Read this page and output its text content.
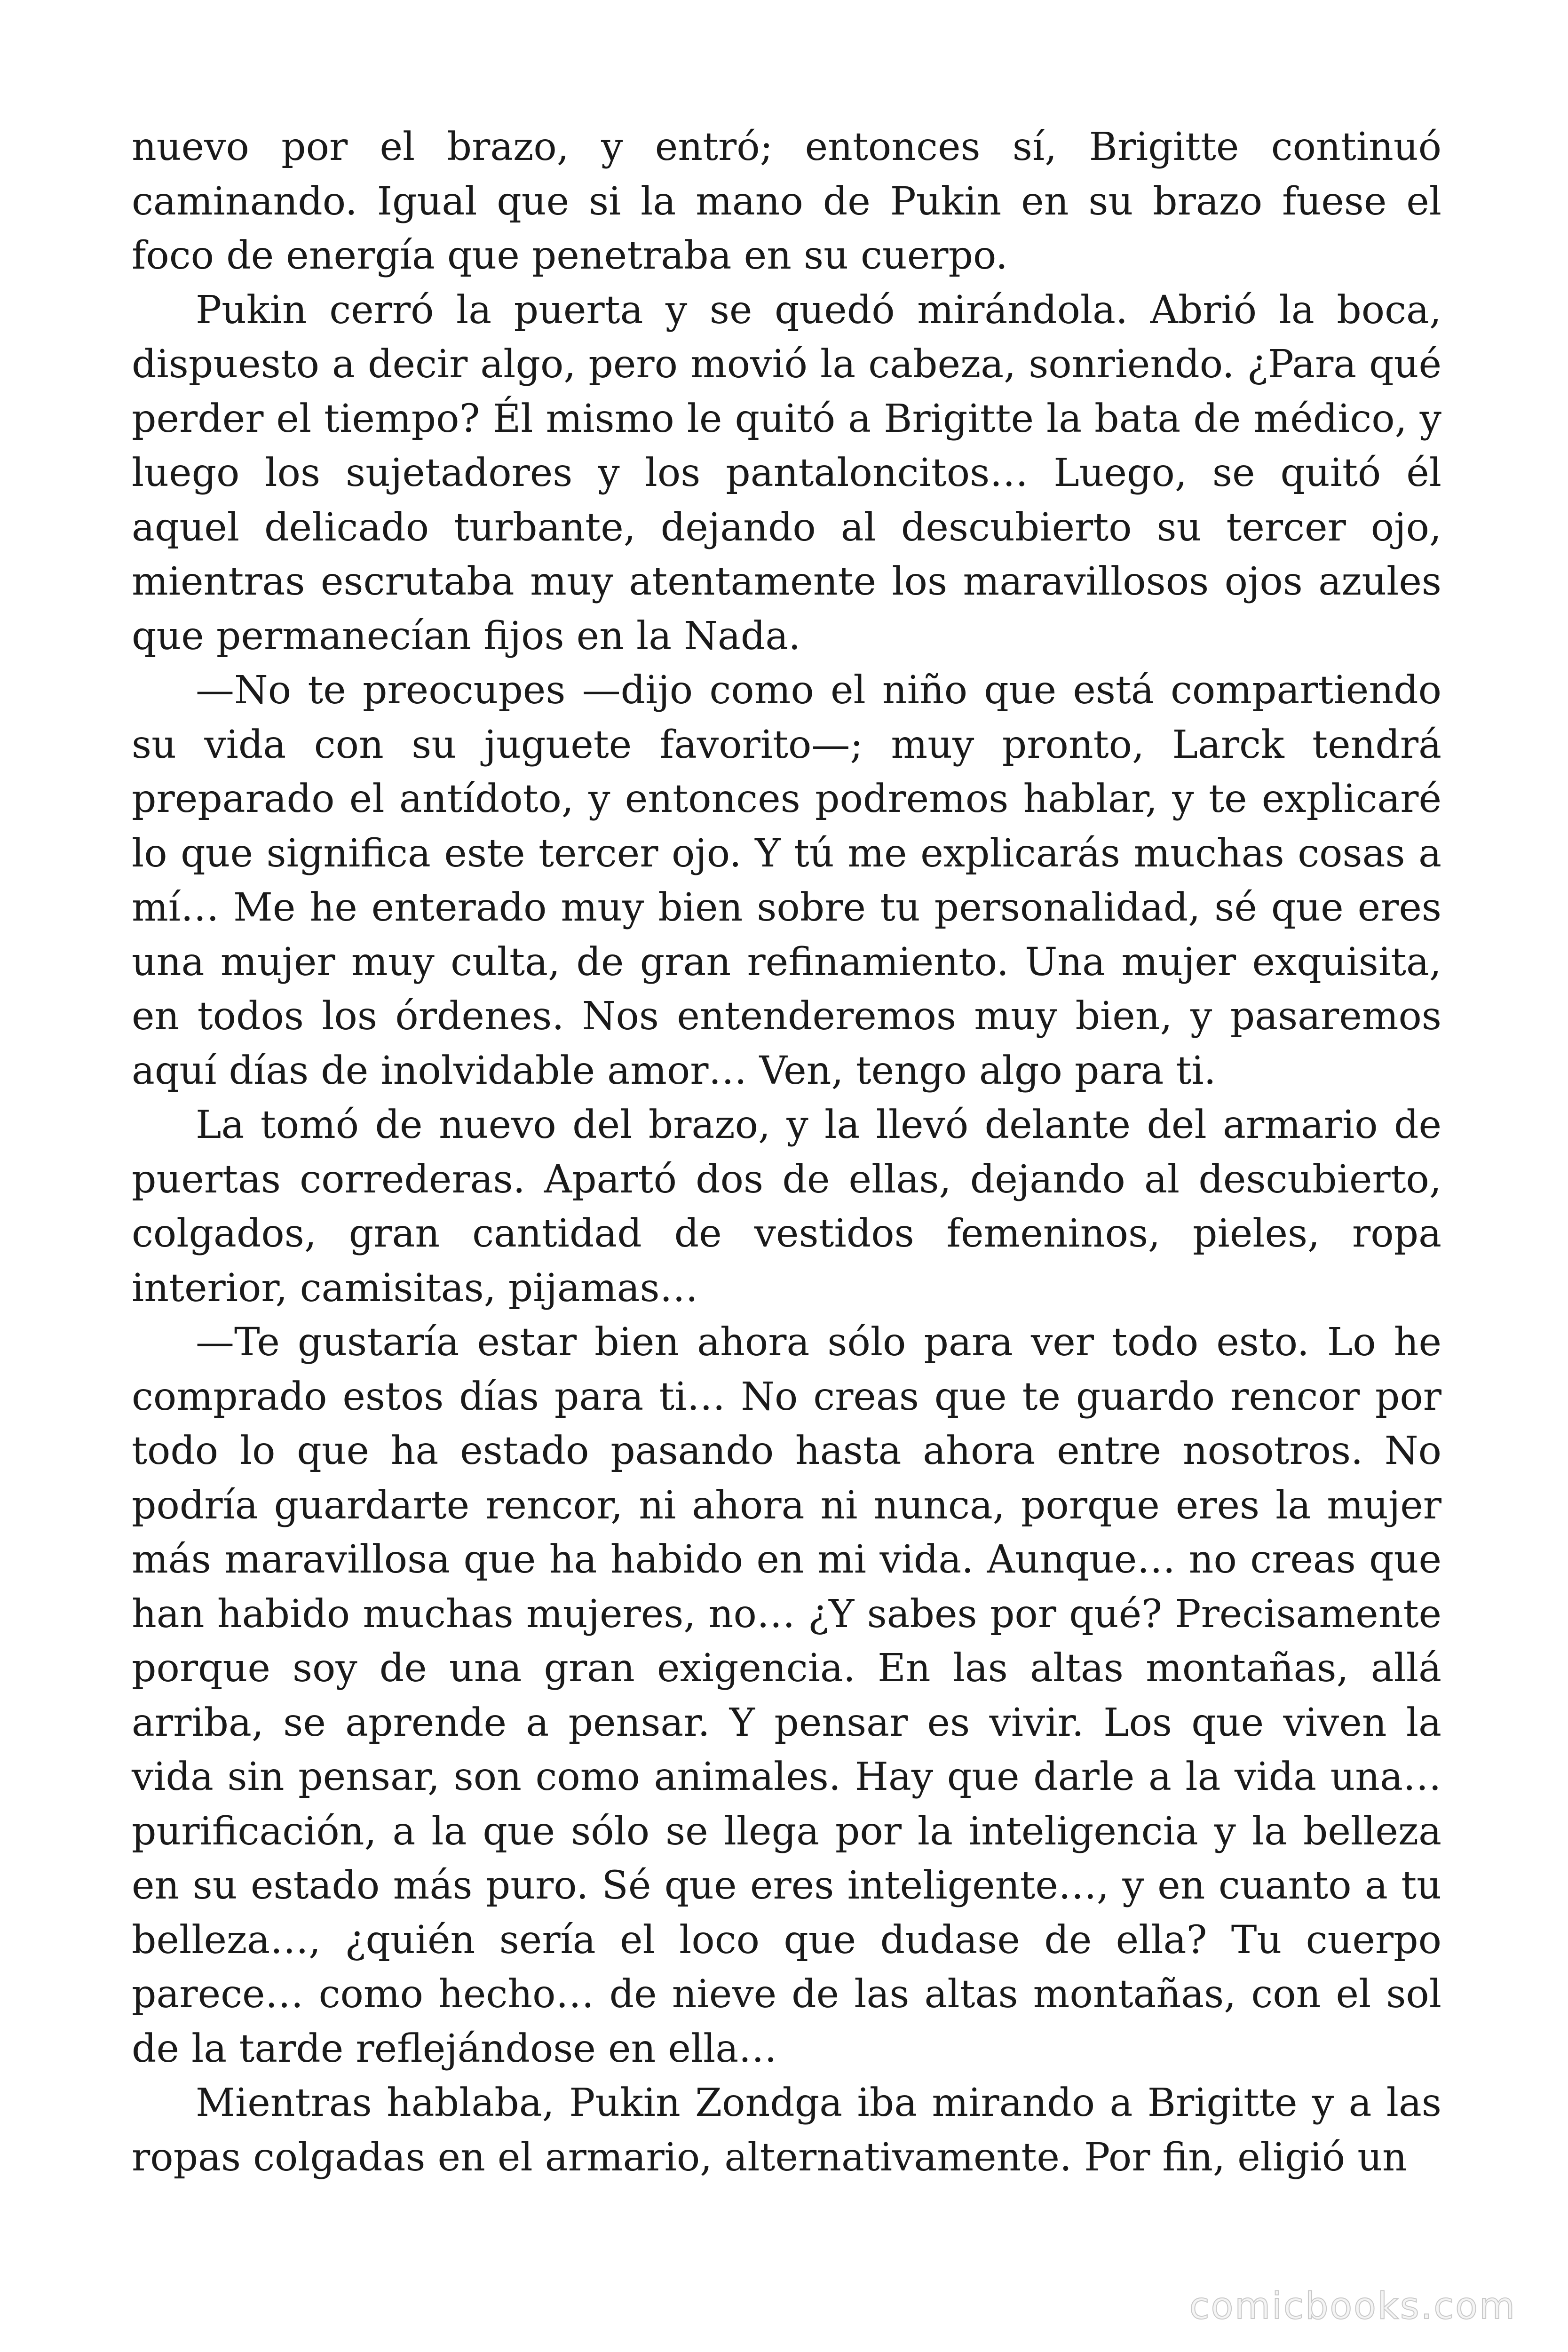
nuevo por el brazo, y entró; entonces sí, Brigitte continuó caminando. Igual que si la mano de Pukin en su brazo fuese el foco de energía que penetraba en su cuerpo.

Pukin cerró la puerta y se quedó mirándola. Abrió la boca, dispuesto a decir algo, pero movió la cabeza, sonriendo. ¿Para qué perder el tiempo? Él mismo le quitó a Brigitte la bata de médico, y luego los sujetadores y los pantaloncitos… Luego, se quitó él aquel delicado turbante, dejando al descubierto su tercer ojo, mientras escrutaba muy atentamente los maravillosos ojos azules que permanecían fijos en la Nada.

—No te preocupes —dijo como el niño que está compartiendo su vida con su juguete favorito—; muy pronto, Larck tendrá preparado el antídoto, y entonces podremos hablar, y te explicaré lo que significa este tercer ojo. Y tú me explicarás muchas cosas a mí… Me he enterado muy bien sobre tu personalidad, sé que eres una mujer muy culta, de gran refinamiento. Una mujer exquisita, en todos los órdenes. Nos entenderemos muy bien, y pasaremos aquí días de inolvidable amor… Ven, tengo algo para ti.

La tomó de nuevo del brazo, y la llevó delante del armario de puertas correderas. Apartó dos de ellas, dejando al descubierto, colgados, gran cantidad de vestidos femeninos, pieles, ropa interior, camisitas, pijamas…

—Te gustaría estar bien ahora sólo para ver todo esto. Lo he comprado estos días para ti… No creas que te guardo rencor por todo lo que ha estado pasando hasta ahora entre nosotros. No podría guardarte rencor, ni ahora ni nunca, porque eres la mujer más maravillosa que ha habido en mi vida. Aunque… no creas que han habido muchas mujeres, no… ¿Y sabes por qué? Precisamente porque soy de una gran exigencia. En las altas montañas, allá arriba, se aprende a pensar. Y pensar es vivir. Los que viven la vida sin pensar, son como animales. Hay que darle a la vida una… purificación, a la que sólo se llega por la inteligencia y la belleza en su estado más puro. Sé que eres inteligente…, y en cuanto a tu belleza…, ¿quién sería el loco que dudase de ella? Tu cuerpo parece… como hecho… de nieve de las altas montañas, con el sol de la tarde reflejándose en ella…

Mientras hablaba, Pukin Zondga iba mirando a Brigitte y a las ropas colgadas en el armario, alternativamente. Por fin, eligió un

comicbooks.com
